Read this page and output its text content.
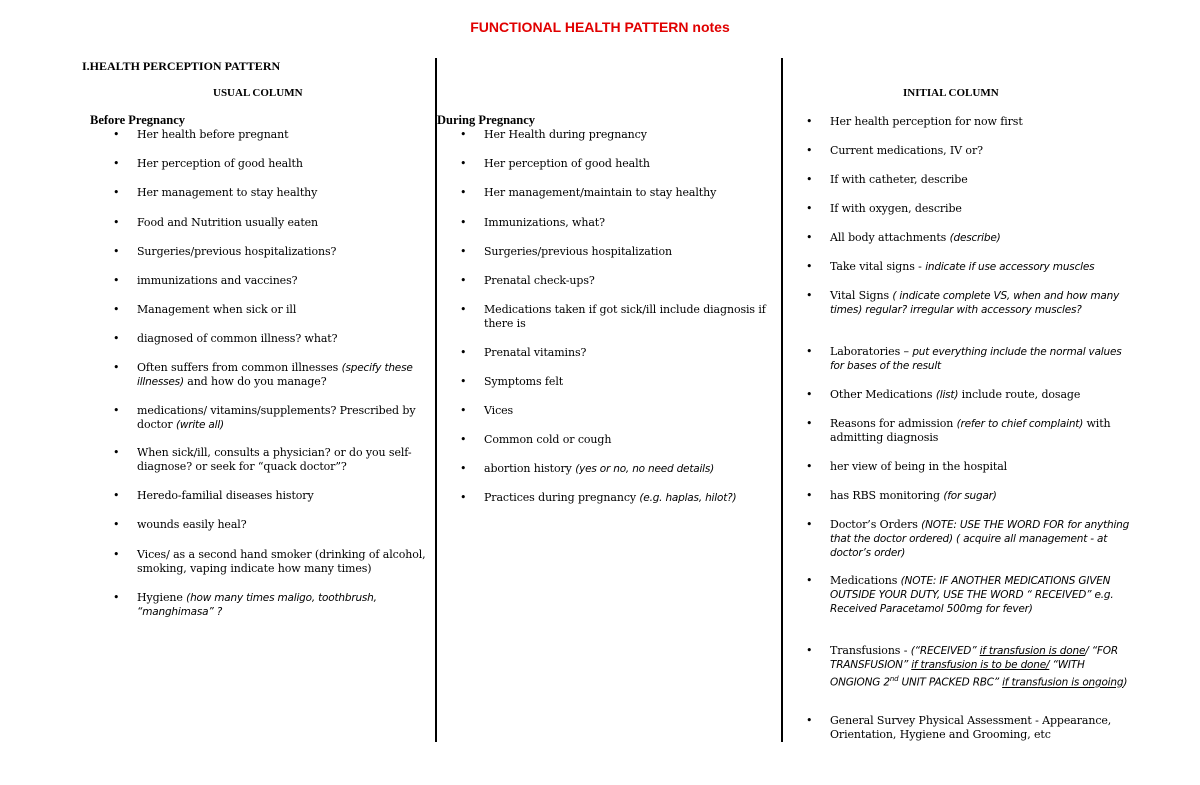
FUNCTIONAL HEALTH PATTERN notes
I.HEALTH PERCEPTION PATTERN
USUAL COLUMN	INITIAL COLUMN
Before Pregnancy	During Pregnancy
• Her health before pregnant
• Her perception of good health
• Her management to stay healthy
• Food and Nutrition usually eaten
• Surgeries/previous hospitalizations?
• immunizations and vaccines?
• Management when sick or ill
• diagnosed of common illness? what?
• Often suffers from common illnesses (specify these illnesses) and how do you manage?
• medications/ vitamins/supplements? Prescribed by doctor (write all)
• When sick/ill, consults a physician? or do you self-diagnose? or seek for “quack doctor”?
• Heredo-familial diseases history
• wounds easily heal?
• Vices/ as a second hand smoker (drinking of alcohol, smoking, vaping indicate how many times)
• Hygiene (how many times maligo, toothbrush, “manghimasa” ?
• Her Health during pregnancy
• Her perception of good health
• Her management/maintain to stay healthy
• Immunizations, what?
• Surgeries/previous hospitalization
• Prenatal check-ups?
• Medications taken if got sick/ill include diagnosis if there is
• Prenatal vitamins?
• Symptoms felt
• Vices
• Common cold or cough
• abortion history (yes or no, no need details)
• Practices during pregnancy (e.g. haplas, hilot?)
• Her health perception for now first
• Current medications, IV or?
• If with catheter, describe
• If with oxygen, describe
• All body attachments (describe)
• Take vital signs - indicate if use accessory muscles
• Vital Signs ( indicate complete VS, when and how many times) regular? irregular with accessory muscles?
• Laboratories – put everything include the normal values for bases of the result
• Other Medications (list) include route, dosage
• Reasons for admission (refer to chief complaint) with admitting diagnosis
• her view of being in the hospital
• has RBS monitoring (for sugar)
• Doctor’s Orders (NOTE: USE THE WORD FOR for anything that the doctor ordered) ( acquire all management - at doctor’s order)
• Medications (NOTE: IF ANOTHER MEDICATIONS GIVEN OUTSIDE YOUR DUTY, USE THE WORD “ RECEIVED” e.g. Received Paracetamol 500mg for fever)
• Transfusions - (“RECEIVED” if transfusion is done/ “FOR TRANSFUSION” if transfusion is to be done/ “WITH ONGIONG 2nd UNIT PACKED RBC” if transfusion is ongoing)
• General Survey Physical Assessment - Appearance, Orientation, Hygiene and Grooming, etc
